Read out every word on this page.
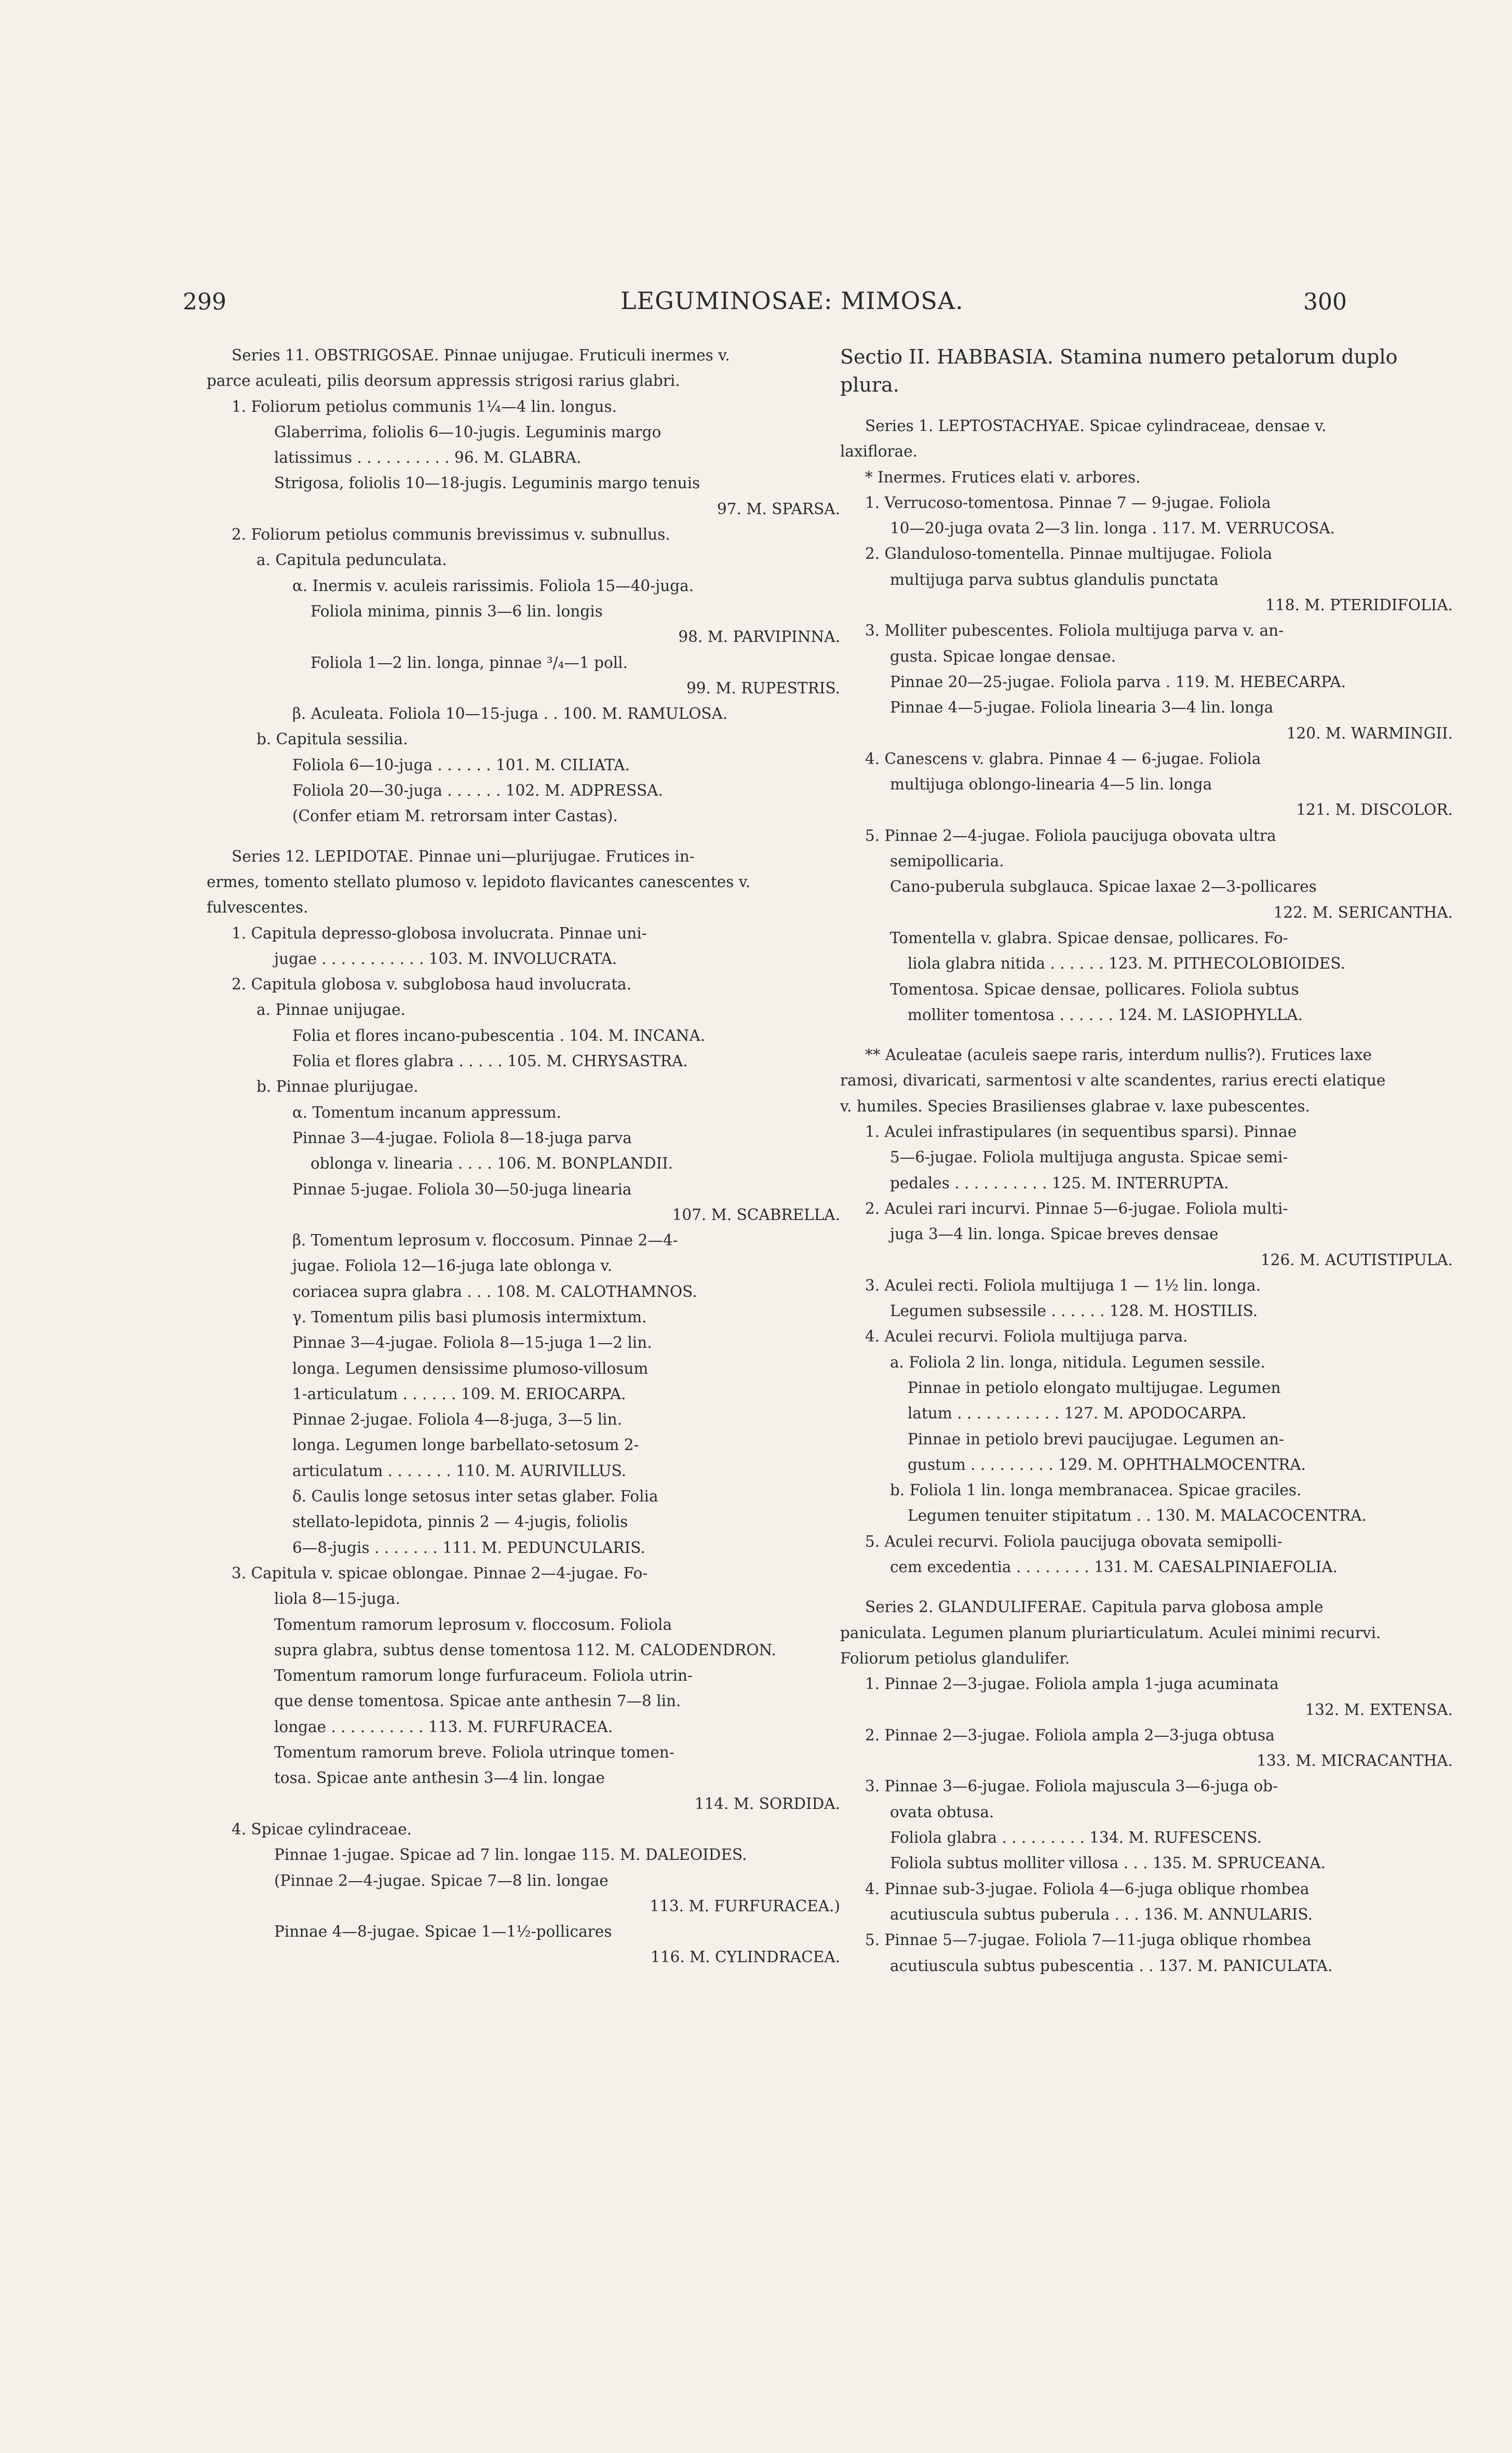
299	LEGUMINOSAE: MIMOSA.	300
Series 11. OBSTRIGOSAE. Pinnae unijugae. Fruticuli inermes v.
parce aculeati, pilis deorsum appressis strigosi rarius glabri.
1. Foliorum petiolus communis 1¼—4 lin. longus.
Glaberrima, foliolis 6—10-jugis. Leguminis margo
latissimus . . . . . . . . . . 96. M. GLABRA.
Strigosa, foliolis 10—18-jugis. Leguminis margo tenuis
97. M. SPARSA.
2. Foliorum petiolus communis brevissimus v. subnullus.
a. Capitula pedunculata.
α. Inermis v. aculeis rarissimis. Foliola 15—40-juga.
Foliola minima, pinnis 3—6 lin. longis
98. M. PARVIPINNA.
Foliola 1—2 lin. longa, pinnae ³/₄—1 poll.
99. M. RUPESTRIS.
β. Aculeata. Foliola 10—15-juga . . 100. M. RAMULOSA.
b. Capitula sessilia.
Foliola 6—10-juga . . . . . . 101. M. CILIATA.
Foliola 20—30-juga . . . . . . 102. M. ADPRESSA.
(Confer etiam M. retrorsam inter Castas).
Series 12. LEPIDOTAE. Pinnae uni—plurijugae. Frutices in-
ermes, tomento stellato plumoso v. lepidoto flavicantes canescentes v.
fulvescentes.
1. Capitula depresso-globosa involucrata. Pinnae uni-
jugae . . . . . . . . . . . 103. M. INVOLUCRATA.
2. Capitula globosa v. subglobosa haud involucrata.
a. Pinnae unijugae.
Folia et flores incano-pubescentia . 104. M. INCANA.
Folia et flores glabra . . . . . 105. M. CHRYSASTRA.
b. Pinnae plurijugae.
α. Tomentum incanum appressum.
Pinnae 3—4-jugae. Foliola 8—18-juga parva
oblonga v. linearia . . . . 106. M. BONPLANDII.
Pinnae 5-jugae. Foliola 30—50-juga linearia
107. M. SCABRELLA.
β. Tomentum leprosum v. floccosum. Pinnae 2—4-
jugae. Foliola 12—16-juga late oblonga v.
coriacea supra glabra . . . 108. M. CALOTHAMNOS.
γ. Tomentum pilis basi plumosis intermixtum.
Pinnae 3—4-jugae. Foliola 8—15-juga 1—2 lin.
longa. Legumen densissime plumoso-villosum
1-articulatum . . . . . . 109. M. ERIOCARPA.
Pinnae 2-jugae. Foliola 4—8-juga, 3—5 lin.
longa. Legumen longe barbellato-setosum 2-
articulatum . . . . . . . 110. M. AURIVILLUS.
δ. Caulis longe setosus inter setas glaber. Folia
stellato-lepidota, pinnis 2 — 4-jugis, foliolis
6—8-jugis . . . . . . . 111. M. PEDUNCULARIS.
3. Capitula v. spicae oblongae. Pinnae 2—4-jugae. Fo-
liola 8—15-juga.
Tomentum ramorum leprosum v. floccosum. Foliola
supra glabra, subtus dense tomentosa 112. M. CALODENDRON.
Tomentum ramorum longe furfuraceum. Foliola utrin-
que dense tomentosa. Spicae ante anthesin 7—8 lin.
longae . . . . . . . . . . 113. M. FURFURACEA.
Tomentum ramorum breve. Foliola utrinque tomen-
tosa. Spicae ante anthesin 3—4 lin. longae
114. M. SORDIDA.
4. Spicae cylindraceae.
Pinnae 1-jugae. Spicae ad 7 lin. longae 115. M. DALEOIDES.
(Pinnae 2—4-jugae. Spicae 7—8 lin. longae
113. M. FURFURACEA.)
Pinnae 4—8-jugae. Spicae 1—1½-pollicares
116. M. CYLINDRACEA.
Sectio II. HABBASIA. Stamina numero petalorum duplo
plura.
Series 1. LEPTOSTACHYAE. Spicae cylindraceae, densae v.
laxiflorae.
* Inermes. Frutices elati v. arbores.
1. Verrucoso-tomentosa. Pinnae 7 — 9-jugae. Foliola
10—20-juga ovata 2—3 lin. longa . 117. M. VERRUCOSA.
2. Glanduloso-tomentella. Pinnae multijugae. Foliola
multijuga parva subtus glandulis punctata
118. M. PTERIDIFOLIA.
3. Molliter pubescentes. Foliola multijuga parva v. an-
gusta. Spicae longae densae.
Pinnae 20—25-jugae. Foliola parva . 119. M. HEBECARPA.
Pinnae 4—5-jugae. Foliola linearia 3—4 lin. longa
120. M. WARMINGII.
4. Canescens v. glabra. Pinnae 4 — 6-jugae. Foliola
multijuga oblongo-linearia 4—5 lin. longa
121. M. DISCOLOR.
5. Pinnae 2—4-jugae. Foliola paucijuga obovata ultra
semipollicaria.
Cano-puberula subglauca. Spicae laxae 2—3-pollicares
122. M. SERICANTHA.
Tomentella v. glabra. Spicae densae, pollicares. Fo-
liola glabra nitida . . . . . . 123. M. PITHECOLOBIOIDES.
Tomentosa. Spicae densae, pollicares. Foliola subtus
molliter tomentosa . . . . . . 124. M. LASIOPHYLLA.
** Aculeatae (aculeis saepe raris, interdum nullis?). Frutices laxe
ramosi, divaricati, sarmentosi v alte scandentes, rarius erecti elatique
v. humiles. Species Brasilienses glabrae v. laxe pubescentes.
1. Aculei infrastipulares (in sequentibus sparsi). Pinnae
5—6-jugae. Foliola multijuga angusta. Spicae semi-
pedales . . . . . . . . . . 125. M. INTERRUPTA.
2. Aculei rari incurvi. Pinnae 5—6-jugae. Foliola multi-
juga 3—4 lin. longa. Spicae breves densae
126. M. ACUTISTIPULA.
3. Aculei recti. Foliola multijuga 1 — 1½ lin. longa.
Legumen subsessile . . . . . . 128. M. HOSTILIS.
4. Aculei recurvi. Foliola multijuga parva.
a. Foliola 2 lin. longa, nitidula. Legumen sessile.
Pinnae in petiolo elongato multijugae. Legumen
latum . . . . . . . . . . . 127. M. APODOCARPA.
Pinnae in petiolo brevi paucijugae. Legumen an-
gustum . . . . . . . . . 129. M. OPHTHALMOCENTRA.
b. Foliola 1 lin. longa membranacea. Spicae graciles.
Legumen tenuiter stipitatum . . 130. M. MALACOCENTRA.
5. Aculei recurvi. Foliola paucijuga obovata semipolli-
cem excedentia . . . . . . . . 131. M. CAESALPINIAEFOLIA.
Series 2. GLANDULIFERAE. Capitula parva globosa ample
paniculata. Legumen planum pluriarticulatum. Aculei minimi recurvi.
Foliorum petiolus glandulifer.
1. Pinnae 2—3-jugae. Foliola ampla 1-juga acuminata
132. M. EXTENSA.
2. Pinnae 2—3-jugae. Foliola ampla 2—3-juga obtusa
133. M. MICRACANTHA.
3. Pinnae 3—6-jugae. Foliola majuscula 3—6-juga ob-
ovata obtusa.
Foliola glabra . . . . . . . . . 134. M. RUFESCENS.
Foliola subtus molliter villosa . . . 135. M. SPRUCEANA.
4. Pinnae sub-3-jugae. Foliola 4—6-juga oblique rhombea
acutiuscula subtus puberula . . . 136. M. ANNULARIS.
5. Pinnae 5—7-jugae. Foliola 7—11-juga oblique rhombea
acutiuscula subtus pubescentia . . 137. M. PANICULATA.
